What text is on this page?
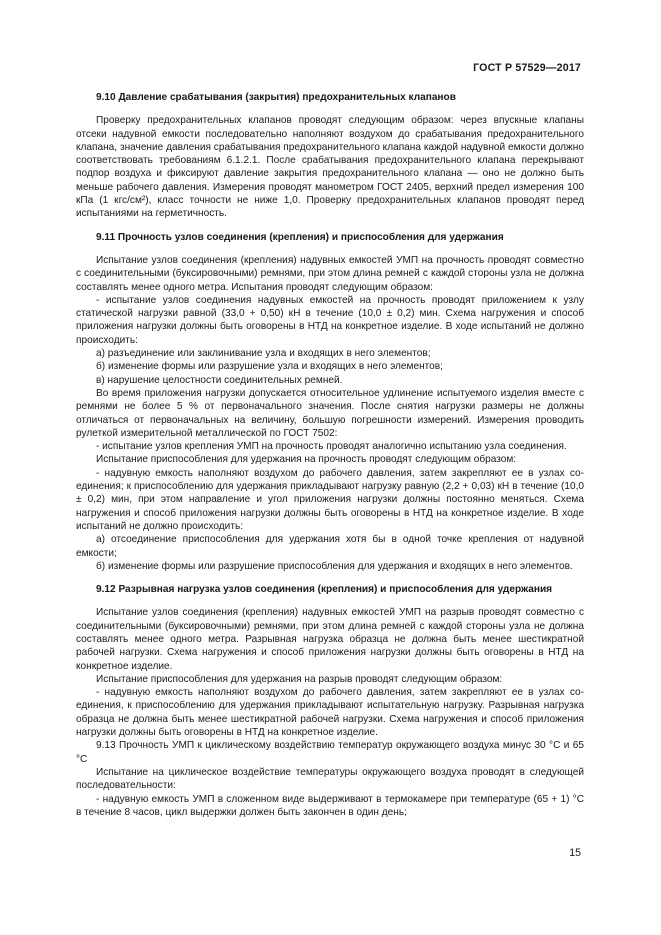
ГОСТ Р 57529—2017

9.10 Давление срабатывания (закрытия) предохранительных клапанов

Проверку предохранительных клапанов проводят следующим образом: через впускные клапаны отсеки надувной емкости последовательно наполняют воздухом до срабатывания предохранительного клапана, значение давления срабатывания предохранительного клапана каждой надувной емкости должно соответствовать требованиям 6.1.2.1. После срабатывания предохранительного клапана перекрывают подпор воздуха и фиксируют давление закрытия предохранительного клапана — оно не должно быть меньше рабочего давления. Измерения проводят манометром ГОСТ 2405, верхний предел измерения 100 кПа (1 кгс/см²), класс точности не ниже 1,0. Проверку предохранительных клапанов проводят перед испытаниями на герметичность.

9.11 Прочность узлов соединения (крепления) и приспособления для удержания

Испытание узлов соединения (крепления) надувных емкостей УМП на прочность проводят совместно с соединительными (буксировочными) ремнями, при этом длина ремней с каждой стороны узла не должна составлять менее одного метра. Испытания проводят следующим образом:

- испытание узлов соединения надувных емкостей на прочность проводят приложением к узлу статической нагрузки равной (33,0 + 0,50) кН в течение (10,0 ± 0,2) мин. Схема нагружения и способ приложения нагрузки должны быть оговорены в НТД на конкретное изделие. В ходе испытаний не должно происходить:

а) разъединение или заклинивание узла и входящих в него элементов;

б) изменение формы или разрушение узла и входящих в него элементов;

в) нарушение целостности соединительных ремней.

Во время приложения нагрузки допускается относительное удлинение испытуемого изделия вместе с ремнями не более 5 % от первоначального значения. После снятия нагрузки размеры не должны отличаться от первоначальных на величину, большую погрешности измерений. Измерения проводить рулеткой измерительной металлической по ГОСТ 7502:

- испытание узлов крепления УМП на прочность проводят аналогично испытанию узла соединения.

Испытание приспособления для удержания на прочность проводят следующим образом:

- надувную емкость наполняют воздухом до рабочего давления, затем закрепляют ее в узлах соединения; к приспособлению для удержания прикладывают нагрузку равную (2,2 + 0,03) кН в течение (10,0 ± 0,2) мин, при этом направление и угол приложения нагрузки должны постоянно меняться. Схема нагружения и способ приложения нагрузки должны быть оговорены в НТД на конкретное изделие. В ходе испытаний не должно происходить:

а) отсоединение приспособления для удержания хотя бы в одной точке крепления от надувной емкости;

б) изменение формы или разрушение приспособления для удержания и входящих в него элементов.

9.12 Разрывная нагрузка узлов соединения (крепления) и приспособления для удержания

Испытание узлов соединения (крепления) надувных емкостей УМП на разрыв проводят совместно с соединительными (буксировочными) ремнями, при этом длина ремней с каждой стороны узла не должна составлять менее одного метра. Разрывная нагрузка образца не должна быть менее шестикратной рабочей нагрузки. Схема нагружения и способ приложения нагрузки должны быть оговорены в НТД на конкретное изделие.

Испытание приспособления для удержания на разрыв проводят следующим образом:

- надувную емкость наполняют воздухом до рабочего давления, затем закрепляют ее в узлах соединения, к приспособлению для удержания прикладывают испытательную нагрузку. Разрывная нагрузка образца не должна быть менее шестикратной рабочей нагрузки. Схема нагружения и способ приложения нагрузки должны быть оговорены в НТД на конкретное изделие.

9.13 Прочность УМП к циклическому воздействию температур окружающего воздуха минус 30 °С и 65 °С

Испытание на циклическое воздействие температуры окружающего воздуха проводят в следующей последовательности:

- надувную емкость УМП в сложенном виде выдерживают в термокамере при температуре (65 + 1) °С в течение 8 часов, цикл выдержки должен быть закончен в один день;

15
